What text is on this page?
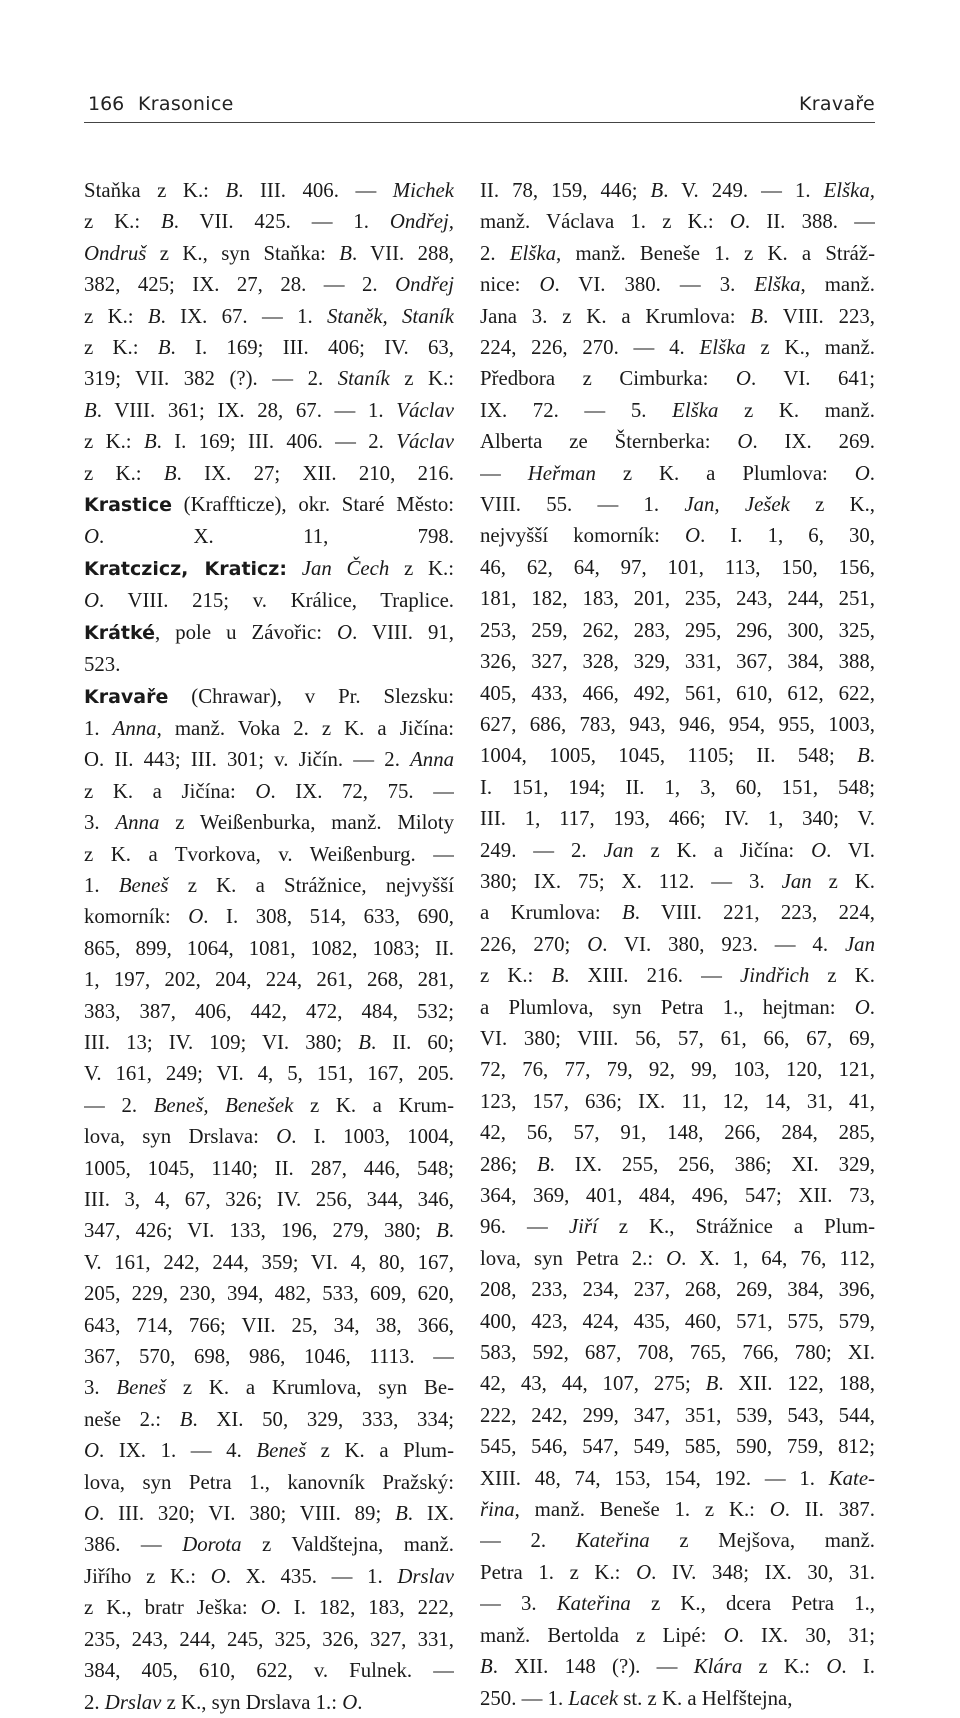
166 Krasonice	Kravaře
Staňka z K.: B. III. 406. — Michek
z K.: B. VII. 425. — 1. Ondřej,
Ondruš z K., syn Staňka: B. VII. 288,
382, 425; IX. 27, 28. — 2. Ondřej
z K.: B. IX. 67. — 1. Staněk, Staník
z K.: B. I. 169; III. 406; IV. 63,
319; VII. 382 (?). — 2. Staník z K.:
B. VIII. 361; IX. 28, 67. — 1. Václav
z K.: B. I. 169; III. 406. — 2. Václav
z K.: B. IX. 27; XII. 210, 216.
Krastice (Kraffticze), okr. Staré Město:
O. X. 11, 798.
Kratczicz, Kraticz: Jan Čech z K.:
O. VIII. 215; v. Králice, Traplice.
Krátké, pole u Závořic: O. VIII. 91,
523.
Kravaře (Chrawar), v Pr. Slezsku:
1. Anna, manž. Voka 2. z K. a Jičína:
O. II. 443; III. 301; v. Jičín. — 2. Anna
z K. a Jičína: O. IX. 72, 75. —
3. Anna z Weißenburka, manž. Miloty
z K. a Tvorkova, v. Weißenburg. —
1. Beneš z K. a Strážnice, nejvyšší
komorník: O. I. 308, 514, 633, 690,
865, 899, 1064, 1081, 1082, 1083; II.
1, 197, 202, 204, 224, 261, 268, 281,
383, 387, 406, 442, 472, 484, 532;
III. 13; IV. 109; VI. 380; B. II. 60;
V. 161, 249; VI. 4, 5, 151, 167, 205.
— 2. Beneš, Benešek z K. a Krum-
lova, syn Drslava: O. I. 1003, 1004,
1005, 1045, 1140; II. 287, 446, 548;
III. 3, 4, 67, 326; IV. 256, 344, 346,
347, 426; VI. 133, 196, 279, 380; B.
V. 161, 242, 244, 359; VI. 4, 80, 167,
205, 229, 230, 394, 482, 533, 609, 620,
643, 714, 766; VII. 25, 34, 38, 366,
367, 570, 698, 986, 1046, 1113. —
3. Beneš z K. a Krumlova, syn Be-
neše 2.: B. XI. 50, 329, 333, 334;
O. IX. 1. — 4. Beneš z K. a Plum-
lova, syn Petra 1., kanovník Pražský:
O. III. 320; VI. 380; VIII. 89; B. IX.
386. — Dorota z Valdštejna, manž.
Jiřího z K.: O. X. 435. — 1. Drslav
z K., bratr Ješka: O. I. 182, 183, 222,
235, 243, 244, 245, 325, 326, 327, 331,
384, 405, 610, 622, v. Fulnek. —
2. Drslav z K., syn Drslava 1.: O.
II. 78, 159, 446; B. V. 249. — 1. Elška,
manž. Václava 1. z K.: O. II. 388. —
2. Elška, manž. Beneše 1. z K. a Stráž-
nice: O. VI. 380. — 3. Elška, manž.
Jana 3. z K. a Krumlova: B. VIII. 223,
224, 226, 270. — 4. Elška z K., manž.
Předbora z Cimburka: O. VI. 641;
IX. 72. — 5. Elška z K. manž.
Alberta ze Šternberka: O. IX. 269.
— Heřman z K. a Plumlova: O.
VIII. 55. — 1. Jan, Ješek z K.,
nejvyšší komorník: O. I. 1, 6, 30,
46, 62, 64, 97, 101, 113, 150, 156,
181, 182, 183, 201, 235, 243, 244, 251,
253, 259, 262, 283, 295, 296, 300, 325,
326, 327, 328, 329, 331, 367, 384, 388,
405, 433, 466, 492, 561, 610, 612, 622,
627, 686, 783, 943, 946, 954, 955, 1003,
1004, 1005, 1045, 1105; II. 548; B.
I. 151, 194; II. 1, 3, 60, 151, 548;
III. 1, 117, 193, 466; IV. 1, 340; V.
249. — 2. Jan z K. a Jičína: O. VI.
380; IX. 75; X. 112. — 3. Jan z K.
a Krumlova: B. VIII. 221, 223, 224,
226, 270; O. VI. 380, 923. — 4. Jan
z K.: B. XIII. 216. — Jindřich z K.
a Plumlova, syn Petra 1., hejtman: O.
VI. 380; VIII. 56, 57, 61, 66, 67, 69,
72, 76, 77, 79, 92, 99, 103, 120, 121,
123, 157, 636; IX. 11, 12, 14, 31, 41,
42, 56, 57, 91, 148, 266, 284, 285,
286; B. IX. 255, 256, 386; XI. 329,
364, 369, 401, 484, 496, 547; XII. 73,
96. — Jiří z K., Strážnice a Plum-
lova, syn Petra 2.: O. X. 1, 64, 76, 112,
208, 233, 234, 237, 268, 269, 384, 396,
400, 423, 424, 435, 460, 571, 575, 579,
583, 592, 687, 708, 765, 766, 780; XI.
42, 43, 44, 107, 275; B. XII. 122, 188,
222, 242, 299, 347, 351, 539, 543, 544,
545, 546, 547, 549, 585, 590, 759, 812;
XIII. 48, 74, 153, 154, 192. — 1. Kate-
řina, manž. Beneše 1. z K.: O. II. 387.
— 2. Kateřina z Mejšova, manž.
Petra 1. z K.: O. IV. 348; IX. 30, 31.
— 3. Kateřina z K., dcera Petra 1.,
manž. Bertolda z Lipé: O. IX. 30, 31;
B. XII. 148 (?). — Klára z K.: O. I.
250. — 1. Lacek st. z K. a Helfštejna,
